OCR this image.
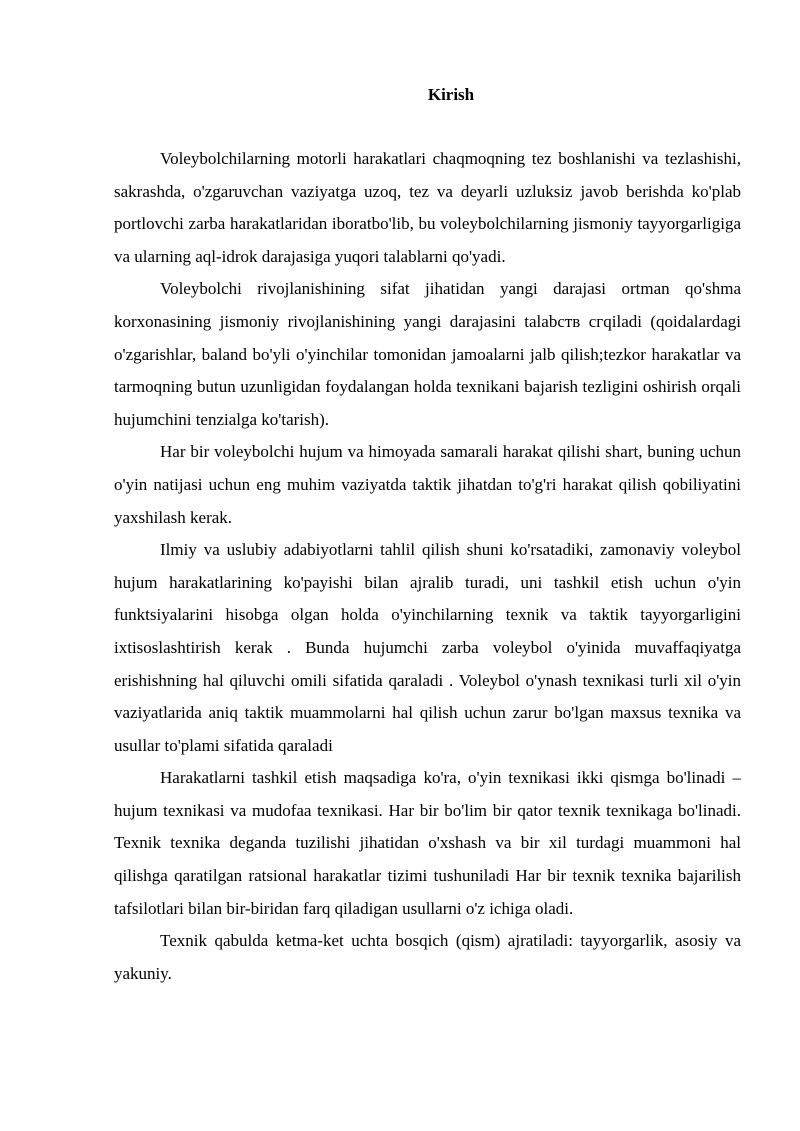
Kirish

Voleybolchilarning motorli harakatlari chaqmoqning tez boshlanishi va tezlashishi, sakrashda, o'zgaruvchan vaziyatga uzoq, tez va deyarli uzluksiz javob berishda ko'plab portlovchi zarba harakatlaridan iboratbo'lib, bu voleybolchilarning jismoniy tayyorgarligiga va ularning aql-idrok darajasiga yuqori talablarni qo'yadi.

Voleybolchi rivojlanishining sifat jihatidan yangi darajasi ortman qo'shma korxonasining jismoniy rivojlanishining yangi darajasini talabств сгqiladi (qoidalardagi o'zgarishlar, baland bo'yli o'yinchilar tomonidan jamoalarni jalb qilish;tezkor harakatlar va tarmoqning butun uzunligidan foydalangan holda texnikani bajarish tezligini oshirish orqali hujumchini tenzialga ko'tarish).

Har bir voleybolchi hujum va himoyada samarali harakat qilishi shart, buning uchun o'yin natijasi uchun eng muhim vaziyatda taktik jihatdan to'g'ri harakat qilish qobiliyatini yaxshilash kerak.

Ilmiy va uslubiy adabiyotlarni tahlil qilish shuni ko'rsatadiki, zamonaviy voleybol hujum harakatlarining ko'payishi bilan ajralib turadi, uni tashkil etish uchun o'yin funktsiyalarini hisobga olgan holda o'yinchilarning texnik va taktik tayyorgarligini ixtisoslashtirish kerak . Bunda hujumchi zarba voleybol o'yinida muvaffaqiyatga erishishning hal qiluvchi omili sifatida qaraladi . Voleybol o'ynash texnikasi turli xil o'yin vaziyatlarida aniq taktik muammolarni hal qilish uchun zarur bo'lgan maxsus texnika va usullar to'plami sifatida qaraladi

Harakatlarni tashkil etish maqsadiga ko'ra, o'yin texnikasi ikki qismga bo'linadi – hujum texnikasi va mudofaa texnikasi. Har bir bo'lim bir qator texnik texnikaga bo'linadi. Texnik texnika deganda tuzilishi jihatidan o'xshash va bir xil turdagi muammoni hal qilishga qaratilgan ratsional harakatlar tizimi tushuniladi Har bir texnik texnika bajarilish tafsilotlari bilan bir-biridan farq qiladigan usullarni o'z ichiga oladi.

Texnik qabulda ketma-ket uchta bosqich (qism) ajratiladi: tayyorgarlik, asosiy va yakuniy.
